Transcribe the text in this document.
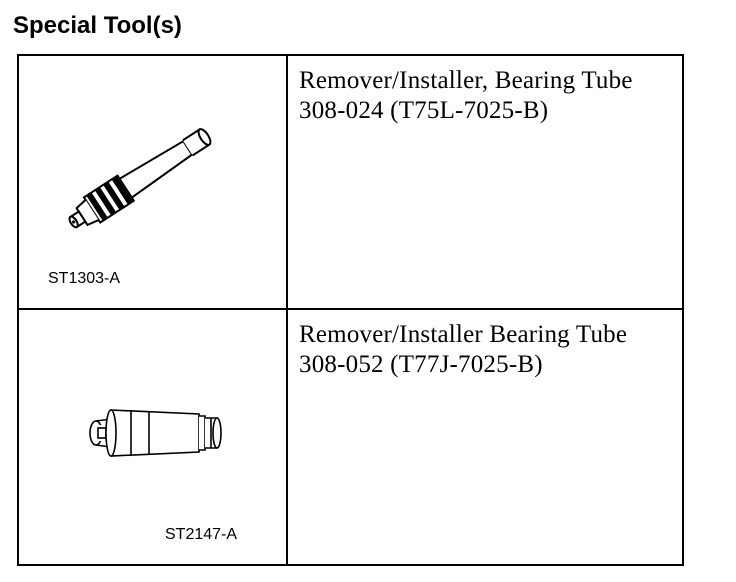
Special Tool(s)
ST1303-A	Remover/Installer, Bearing Tube
308-024 (T75L-7025-B)

ST2147-A	Remover/Installer Bearing Tube
308-052 (T77J-7025-B)
